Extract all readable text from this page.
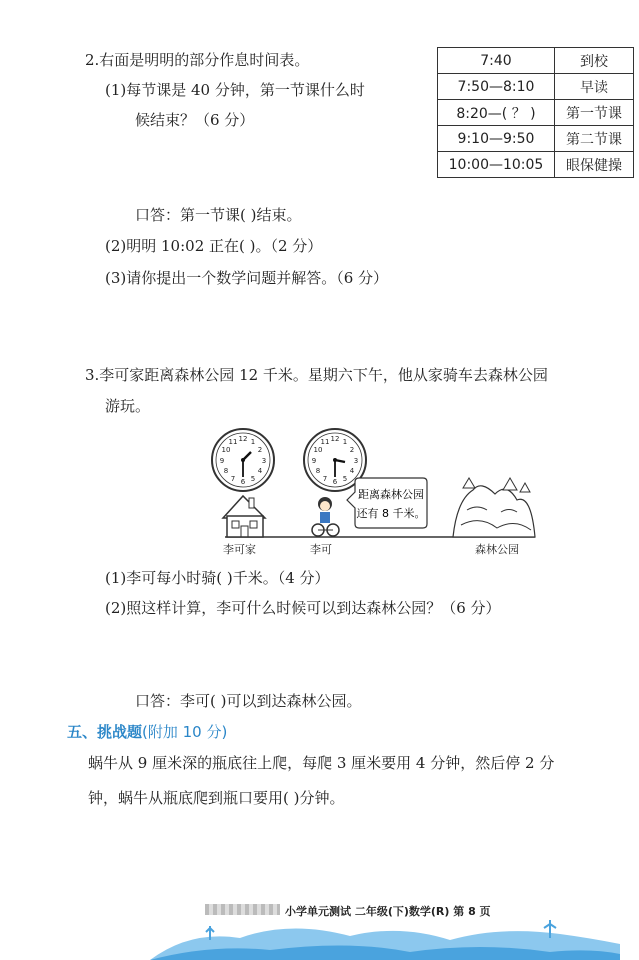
2.右面是明明的部分作息时间表。
(1)每节课是 40 分钟，第一节课什么时
候结束？（6 分）
7:40	到校
7:50—8:10	早读
8:20—( ？ )	第一节课
9:10—9:50	第二节课
10:00—10:05	眼保健操
口答：第一节课( )结束。
(2)明明 10:02 正在( )。（2 分）
(3)请你提出一个数学问题并解答。（6 分）
3.李可家距离森林公园 12 千米。星期六下午，他从家骑车去森林公园
游玩。
12 1
2
3
4
5
6
7
8
9
10
11	12 1
2
3
4
5
6
7
8
9
10
11
距离森林公园
还有 8 千米。
李可家	李可	森林公园
(1)李可每小时骑( )千米。（4 分）
(2)照这样计算，李可什么时候可以到达森林公园？（6 分）
口答：李可( )可以到达森林公园。
五、挑战题(附加 10 分)
蜗牛从 9 厘米深的瓶底往上爬，每爬 3 厘米要用 4 分钟，然后停 2 分
钟，蜗牛从瓶底爬到瓶口要用( )分钟。
小学单元测试 二年级(下)数学(R) 第 8 页
